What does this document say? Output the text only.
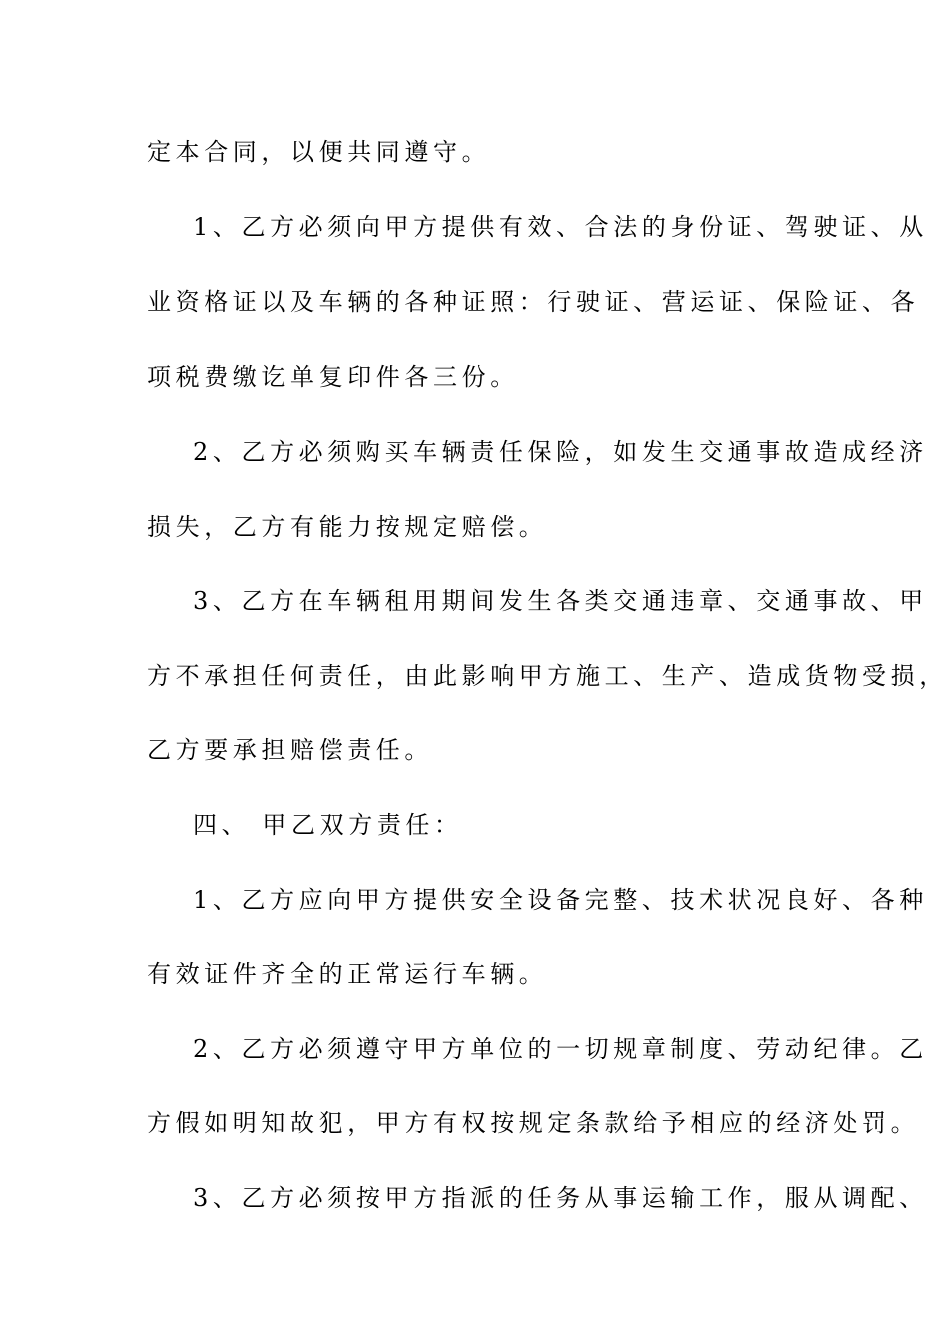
定本合同，以便共同遵守。
1、乙方必须向甲方提供有效、合法的身份证、驾驶证、从
业资格证以及车辆的各种证照：行驶证、营运证、保险证、各
项税费缴讫单复印件各三份。
2、乙方必须购买车辆责任保险，如发生交通事故造成经济
损失，乙方有能力按规定赔偿。
3、乙方在车辆租用期间发生各类交通违章、交通事故、甲
方不承担任何责任，由此影响甲方施工、生产、造成货物受损，
乙方要承担赔偿责任。
四、 甲乙双方责任：
1、乙方应向甲方提供安全设备完整、技术状况良好、各种
有效证件齐全的正常运行车辆。
2、乙方必须遵守甲方单位的一切规章制度、劳动纪律。乙
方假如明知故犯，甲方有权按规定条款给予相应的经济处罚。
3、乙方必须按甲方指派的任务从事运输工作，服从调配、
